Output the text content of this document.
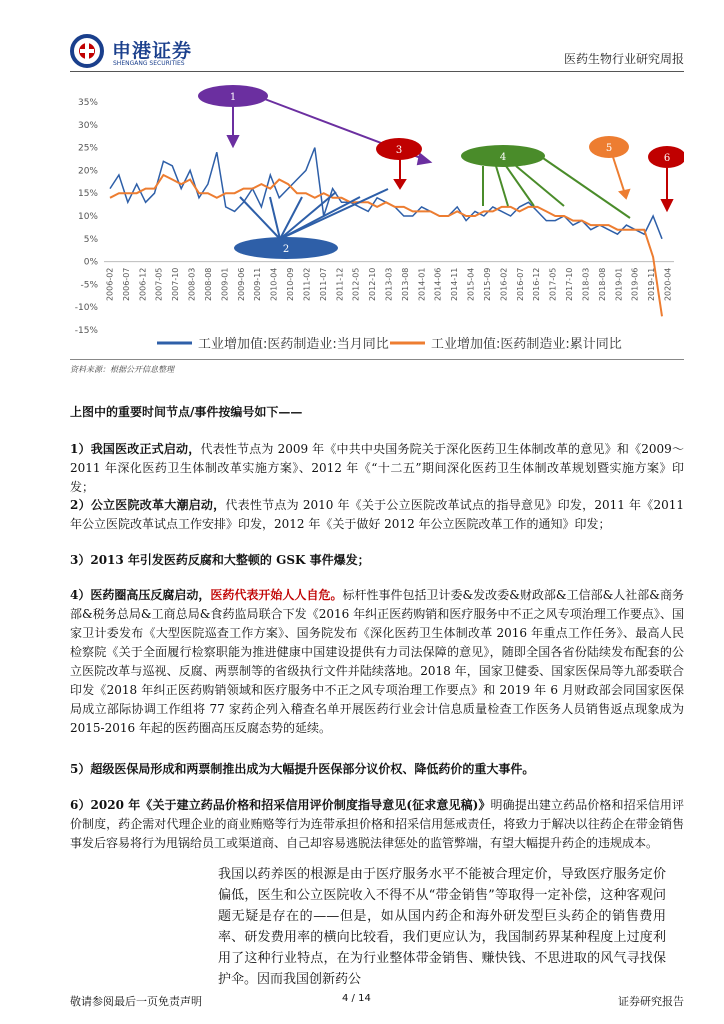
申港证券
SHENGANG SECURITIES	医药生物行业研究周报
35%
30%
25%
20%
15%
10%
5%
0%
-5%
-10%
-15%
2006-02 2006-07 2006-12 2007-05 2007-10 2008-03 2008-08 2009-01 2009-06 2009-11 2010-04 2010-09 2011-02 2011-07 2011-12 2012-05 2012-10 2013-03 2013-08 2014-01 2014-06 2014-11 2015-04 2015-09 2016-02 2016-07 2016-12 2017-05 2017-10 2018-03 2018-08 2019-01 2019-06 2019-11 2020-04
1
2
3
4
5
6
工业增加值:医药制造业:当月同比	工业增加值:医药制造业:累计同比
资料来源：根据公开信息整理
上图中的重要时间节点/事件按编号如下——
1）我国医改正式启动，代表性节点为 2009 年《中共中央国务院关于深化医药卫生体制改革的意见》和《2009～2011 年深化医药卫生体制改革实施方案》、2012 年《“十二五”期间深化医药卫生体制改革规划暨实施方案》印发；
2）公立医院改革大潮启动，代表性节点为 2010 年《关于公立医院改革试点的指导意见》印发，2011 年《2011 年公立医院改革试点工作安排》印发，2012 年《关于做好 2012 年公立医院改革工作的通知》印发；
3）2013 年引发医药反腐和大整顿的 GSK 事件爆发；
4）医药圈高压反腐启动，医药代表开始人人自危。标杆性事件包括卫计委&发改委&财政部&工信部&人社部&商务部&税务总局&工商总局&食药监局联合下发《2016 年纠正医药购销和医疗服务中不正之风专项治理工作要点》、国家卫计委发布《大型医院巡查工作方案》、国务院发布《深化医药卫生体制改革 2016 年重点工作任务》、最高人民检察院《关于全面履行检察职能为推进健康中国建设提供有力司法保障的意见》，随即全国各省份陆续发布配套的公立医院改革与巡视、反腐、两票制等的省级执行文件并陆续落地。2018 年，国家卫健委、国家医保局等九部委联合印发《2018 年纠正医药购销领域和医疗服务中不正之风专项治理工作要点》和 2019 年 6 月财政部会同国家医保局成立部际协调工作组将 77 家药企列入稽查名单开展医药行业会计信息质量检查工作医务人员销售返点现象成为 2015-2016 年起的医药圈高压反腐态势的延续。
5）超级医保局形成和两票制推出成为大幅提升医保部分议价权、降低药价的重大事件。
6）2020 年《关于建立药品价格和招采信用评价制度指导意见(征求意见稿)》明确提出建立药品价格和招采信用评价制度，药企需对代理企业的商业贿赂等行为连带承担价格和招采信用惩戒责任，将致力于解决以往药企在带金销售事发后容易将行为甩锅给员工或渠道商、自己却容易逃脱法律惩处的监管弊端，有望大幅提升药企的违规成本。
我国以药养医的根源是由于医疗服务水平不能被合理定价，导致医疗服务定价偏低，医生和公立医院收入不得不从“带金销售”等取得一定补偿，这种客观问题无疑是存在的——但是，如从国内药企和海外研发型巨头药企的销售费用率、研发费用率的横向比较看，我们更应认为，我国制药界某种程度上过度利用了这种行业特点，在为行业整体带金销售、赚快钱、不思进取的风气寻找保护伞。因而我国创新药公
敬请参阅最后一页免责声明	4 / 14	证券研究报告
